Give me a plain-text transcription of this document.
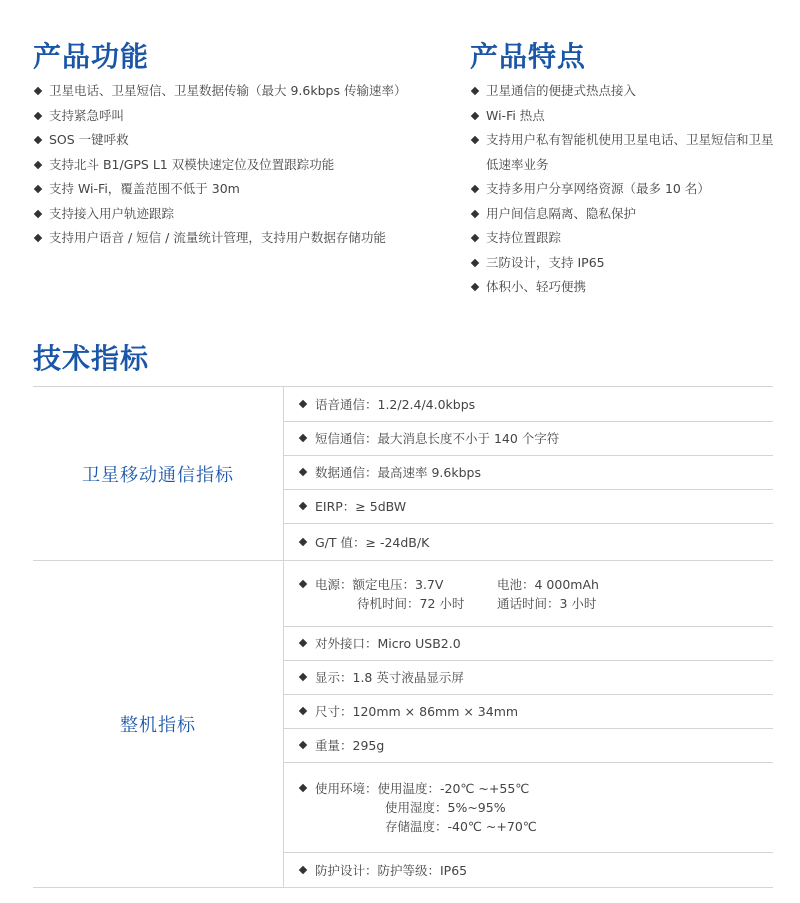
产品功能
卫星电话、卫星短信、卫星数据传输（最大 9.6kbps 传输速率）
支持紧急呼叫
SOS 一键呼救
支持北斗 B1/GPS L1 双模快速定位及位置跟踪功能
支持 Wi-Fi，覆盖范围不低于 30m
支持接入用户轨迹跟踪
支持用户语音 / 短信 / 流量统计管理，支持用户数据存储功能
产品特点
卫星通信的便捷式热点接入
Wi-Fi 热点
支持用户私有智能机使用卫星电话、卫星短信和卫星低速率业务
支持多用户分享网络资源（最多 10 名）
用户间信息隔离、隐私保护
支持位置跟踪
三防设计，支持 IP65
体积小、轻巧便携
技术指标
卫星移动通信指标
语音通信：1.2/2.4/4.0kbps
短信通信：最大消息长度不小于 140 个字符
数据通信：最高速率 9.6kbps
EIRP：≥ 5dBW
G/T 值：≥ -24dB/K
整机指标
电源：额定电压：3.7V	电池：4 000mAh
待机时间：72 小时	通话时间：3 小时
对外接口：Micro USB2.0
显示：1.8 英寸液晶显示屏
尺寸：120mm × 86mm × 34mm
重量：295g
使用环境：使用温度：-20℃ ~+55℃
使用湿度：5%~95%
存储温度：-40℃ ~+70℃
防护设计：防护等级：IP65
